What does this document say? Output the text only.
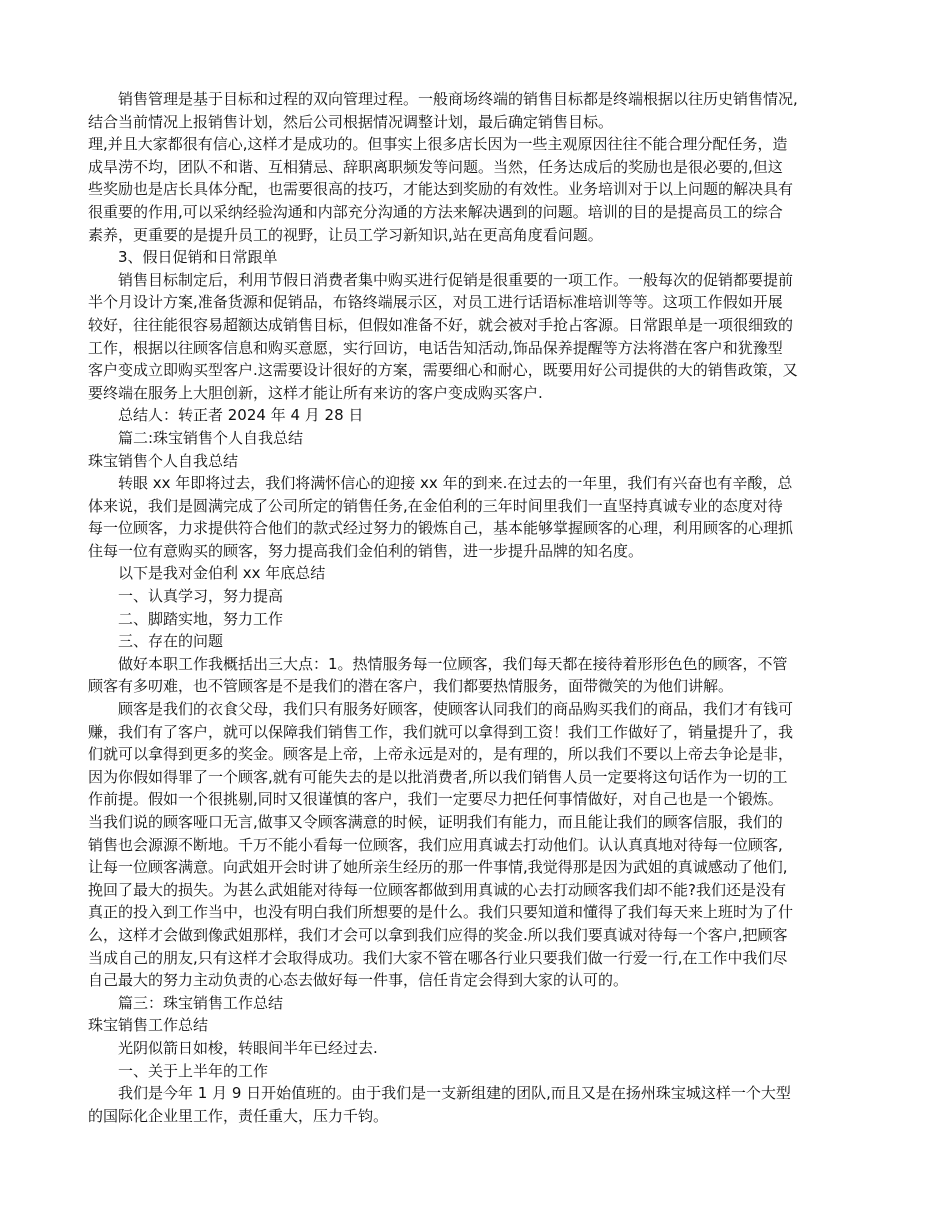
销售管理是基于目标和过程的双向管理过程。一般商场终端的销售目标都是终端根据以往历史销售情况,
结合当前情况上报销售计划，然后公司根据情况调整计划，最后确定销售目标。

理,并且大家都很有信心,这样才是成功的。但事实上很多店长因为一些主观原因往往不能合理分配任务，造
成旱涝不均，团队不和谐、互相猜忌、辞职离职频发等问题。当然，任务达成后的奖励也是很必要的,但这
些奖励也是店长具体分配，也需要很高的技巧，才能达到奖励的有效性。业务培训对于以上问题的解决具有
很重要的作用,可以采纳经验沟通和内部充分沟通的方法来解决遇到的问题。培训的目的是提高员工的综合
素养，更重要的是提升员工的视野，让员工学习新知识,站在更高角度看问题。

3、假日促销和日常跟单

销售目标制定后，利用节假日消费者集中购买进行促销是很重要的一项工作。一般每次的促销都要提前
半个月设计方案,准备货源和促销品，布铬终端展示区，对员工进行话语标准培训等等。这项工作假如开展
较好，往往能很容易超额达成销售目标，但假如准备不好，就会被对手抢占客源。日常跟单是一项很细致的
工作，根据以往顾客信息和购买意愿，实行回访，电话告知活动,饰品保养提醒等方法将潜在客户和犹豫型
客户变成立即购买型客户.这需要设计很好的方案，需要细心和耐心，既要用好公司提供的大的销售政策，又
要终端在服务上大胆创新，这样才能让所有来访的客户变成购买客户.

总结人：转正者 2024 年 4 月 28 日

篇二:珠宝销售个人自我总结

珠宝销售个人自我总结

转眼 xx 年即将过去，我们将满怀信心的迎接 xx 年的到来.在过去的一年里，我们有兴奋也有辛酸，总
体来说，我们是圆满完成了公司所定的销售任务,在金伯利的三年时间里我们一直坚持真诚专业的态度对待
每一位顾客，力求提供符合他们的款式经过努力的锻炼自己，基本能够掌握顾客的心理，利用顾客的心理抓
住每一位有意购买的顾客，努力提高我们金伯利的销售，进一步提升品牌的知名度。

以下是我对金伯利 xx 年底总结

一、认真学习，努力提高

二、脚踏实地，努力工作

三、存在的问题

做好本职工作我概括出三大点：1。热情服务每一位顾客，我们每天都在接待着形形色色的顾客，不管
顾客有多叨难，也不管顾客是不是我们的潜在客户，我们都要热情服务，面带微笑的为他们讲解。

顾客是我们的衣食父母，我们只有服务好顾客，使顾客认同我们的商品购买我们的商品，我们才有钱可
赚，我们有了客户，就可以保障我们销售工作，我们就可以拿得到工资！我们工作做好了，销量提升了，我
们就可以拿得到更多的奖金。顾客是上帝，上帝永远是对的，是有理的，所以我们不要以上帝去争论是非，
因为你假如得罪了一个顾客,就有可能失去的是以批消费者,所以我们销售人员一定要将这句话作为一切的工
作前提。假如一个很挑剔,同时又很谨慎的客户，我们一定要尽力把任何事情做好，对自己也是一个锻炼。
当我们说的顾客哑口无言,做事又令顾客满意的时候，证明我们有能力，而且能让我们的顾客信服，我们的
销售也会源源不断地。千万不能小看每一位顾客，我们应用真诚去打动他们。认认真真地对待每一位顾客,
让每一位顾客满意。向武姐开会时讲了她所亲生经历的那一件事情,我觉得那是因为武姐的真诚感动了他们,
挽回了最大的损失。为甚么武姐能对待每一位顾客都做到用真诚的心去打动顾客我们却不能?我们还是没有
真正的投入到工作当中，也没有明白我们所想要的是什么。我们只要知道和懂得了我们每天来上班时为了什
么，这样才会做到像武姐那样，我们才会可以拿到我们应得的奖金.所以我们要真诚对待每一个客户,把顾客
当成自己的朋友,只有这样才会取得成功。我们大家不管在哪各行业只要我们做一行爱一行,在工作中我们尽
自己最大的努力主动负责的心态去做好每一件事，信任肯定会得到大家的认可的。

篇三：珠宝销售工作总结

珠宝销售工作总结

光阴似箭日如梭，转眼间半年已经过去.

一、关于上半年的工作

我们是今年 1 月 9 日开始值班的。由于我们是一支新组建的团队,而且又是在扬州珠宝城这样一个大型
的国际化企业里工作，责任重大，压力千钧。
